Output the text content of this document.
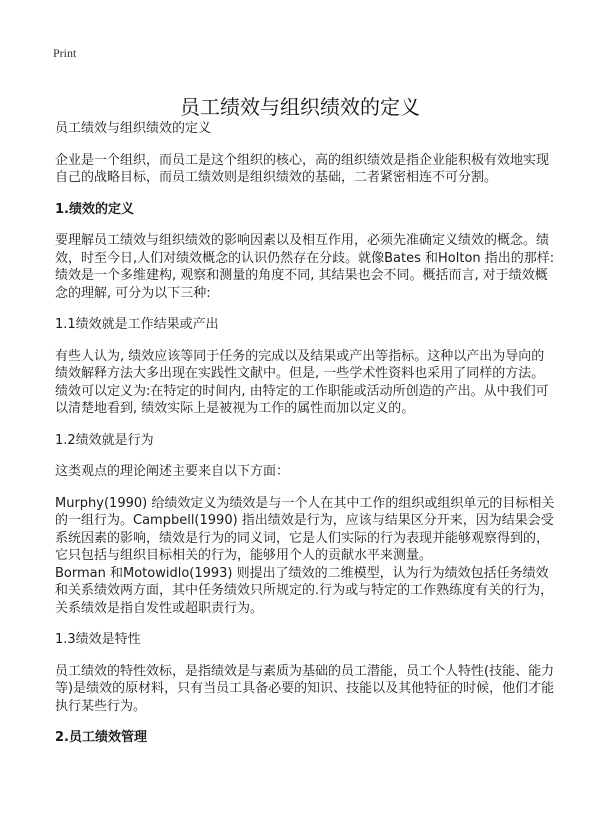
Print
员工绩效与组织绩效的定义

员工绩效与组织绩效的定义

企业是一个组织，而员工是这个组织的核心，高的组织绩效是指企业能积极有效地实现自己的战略目标，而员工绩效则是组织绩效的基础，二者紧密相连不可分割。

1.绩效的定义

要理解员工绩效与组织绩效的影响因素以及相互作用，必须先准确定义绩效的概念。绩效，时至今日,人们对绩效概念的认识仍然存在分歧。就像Bates 和Holton 指出的那样:绩效是一个多维建构, 观察和测量的角度不同, 其结果也会不同。概括而言, 对于绩效概念的理解, 可分为以下三种:

1.1绩效就是工作结果或产出

有些人认为, 绩效应该等同于任务的完成以及结果或产出等指标。这种以产出为导向的绩效解释方法大多出现在实践性文献中。但是, 一些学术性资料也采用了同样的方法。绩效可以定义为:在特定的时间内, 由特定的工作职能或活动所创造的产出。从中我们可以清楚地看到, 绩效实际上是被视为工作的属性而加以定义的。

1.2绩效就是行为

这类观点的理论阐述主要来自以下方面：

Murphy(1990) 给绩效定义为绩效是与一个人在其中工作的组织或组织单元的目标相关的一组行为。Campbell(1990) 指出绩效是行为，应该与结果区分开来，因为结果会受系统因素的影响，绩效是行为的同义词，它是人们实际的行为表现并能够观察得到的，它只包括与组织目标相关的行为，能够用个人的贡献水平来测量。

Borman 和Motowidlo(1993) 则提出了绩效的二维模型，认为行为绩效包括任务绩效和关系绩效两方面，其中任务绩效只所规定的.行为或与特定的工作熟练度有关的行为，关系绩效是指自发性或超职责行为。

1.3绩效是特性

员工绩效的特性效标，是指绩效是与素质为基础的员工潜能，员工个人特性(技能、能力等)是绩效的原材料，只有当员工具备必要的知识、技能以及其他特征的时候，他们才能执行某些行为。

2.员工绩效管理
